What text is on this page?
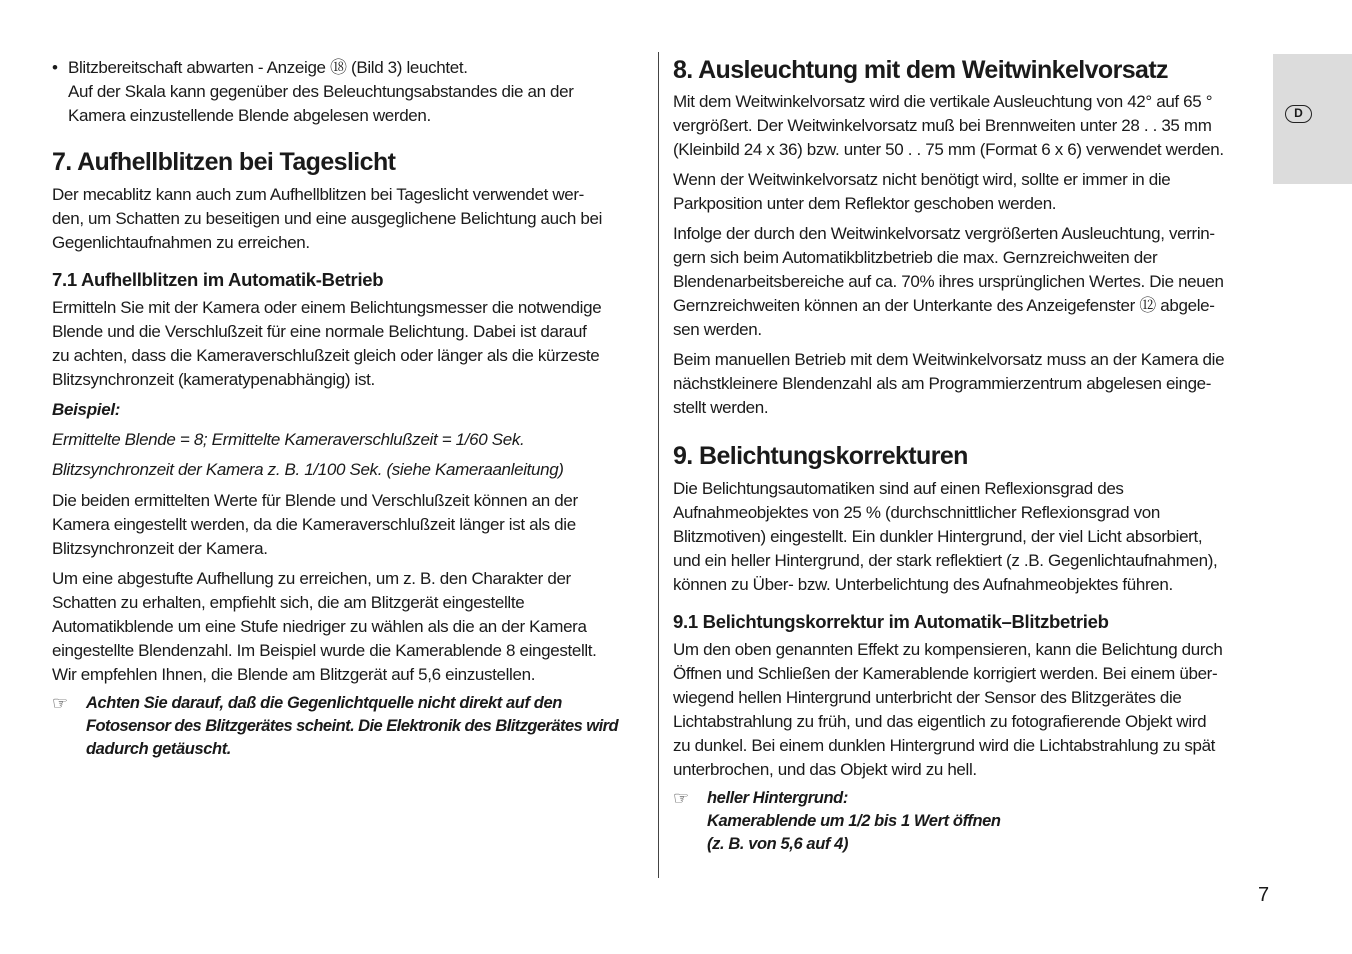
• Blitzbereitschaft abwarten - Anzeige ⑱ (Bild 3) leuchtet.

Auf der Skala kann gegenüber des Beleuchtungsabstandes die an der

Kamera einzustellende Blende abgelesen werden.

7. Aufhellblitzen bei Tageslicht

Der mecablitz kann auch zum Aufhellblitzen bei Tageslicht verwendet wer-

den, um Schatten zu beseitigen und eine ausgeglichene Belichtung auch bei

Gegenlichtaufnahmen zu erreichen.

7.1 Aufhellblitzen im Automatik-Betrieb

Ermitteln Sie mit der Kamera oder einem Belichtungsmesser die notwendige

Blende und die Verschlußzeit für eine normale Belichtung. Dabei ist darauf

zu achten, dass die Kameraverschlußzeit gleich oder länger als die kürzeste

Blitzsynchronzeit (kameratypenabhängig) ist.

Beispiel:

Ermittelte Blende = 8; Ermittelte Kameraverschlußzeit = 1/60 Sek.

Blitzsynchronzeit der Kamera z. B. 1/100 Sek. (siehe Kameraanleitung)

Die beiden ermittelten Werte für Blende und Verschlußzeit können an der

Kamera eingestellt werden, da die Kameraverschlußzeit länger ist als die

Blitzsynchronzeit der Kamera.

Um eine abgestufte Aufhellung zu erreichen, um z. B. den Charakter der

Schatten zu erhalten, empfiehlt sich, die am Blitzgerät eingestellte

Automatikblende um eine Stufe niedriger zu wählen als die an der Kamera

eingestellte Blendenzahl. Im Beispiel wurde die Kamerablende 8 eingestellt.

Wir empfehlen Ihnen, die Blende am Blitzgerät auf 5,6 einzustellen.

☞	Achten Sie darauf, daß die Gegenlichtquelle nicht direkt auf den
Fotosensor des Blitzgerätes scheint. Die Elektronik des Blitzgerätes wird
dadurch getäuscht.
8. Ausleuchtung mit dem Weitwinkelvorsatz

Mit dem Weitwinkelvorsatz wird die vertikale Ausleuchtung von 42° auf 65 °

vergrößert. Der Weitwinkelvorsatz muß bei Brennweiten unter 28 . . 35 mm

(Kleinbild 24 x 36) bzw. unter 50 . . 75 mm (Format 6 x 6) verwendet werden.

Wenn der Weitwinkelvorsatz nicht benötigt wird, sollte er immer in die

Parkposition unter dem Reflektor geschoben werden.

Infolge der durch den Weitwinkelvorsatz vergrößerten Ausleuchtung, verrin-

gern sich beim Automatikblitzbetrieb die max. Gernzreichweiten der

Blendenarbeitsbereiche auf ca. 70% ihres ursprünglichen Wertes. Die neuen

Gernzreichweiten können an der Unterkante des Anzeigefenster ⑫ abgele-

sen werden.

Beim manuellen Betrieb mit dem Weitwinkelvorsatz muss an der Kamera die

nächstkleinere Blendenzahl als am Programmierzentrum abgelesen einge-

stellt werden.

9. Belichtungskorrekturen

Die Belichtungsautomatiken sind auf einen Reflexionsgrad des

Aufnahmeobjektes von 25 % (durchschnittlicher Reflexionsgrad von

Blitzmotiven) eingestellt. Ein dunkler Hintergrund, der viel Licht absorbiert,

und ein heller Hintergrund, der stark reflektiert (z .B. Gegenlichtaufnahmen),

können zu Über- bzw. Unterbelichtung des Aufnahmeobjektes führen.

9.1 Belichtungskorrektur im Automatik–Blitzbetrieb

Um den oben genannten Effekt zu kompensieren, kann die Belichtung durch

Öffnen und Schließen der Kamerablende korrigiert werden. Bei einem über-

wiegend hellen Hintergrund unterbricht der Sensor des Blitzgerätes die

Lichtabstrahlung zu früh, und das eigentlich zu fotografierende Objekt wird

zu dunkel. Bei einem dunklen Hintergrund wird die Lichtabstrahlung zu spät

unterbrochen, und das Objekt wird zu hell.

☞	heller Hintergrund:
Kamerablende um 1/2 bis 1 Wert öffnen
(z. B. von 5,6 auf 4)
D
7
